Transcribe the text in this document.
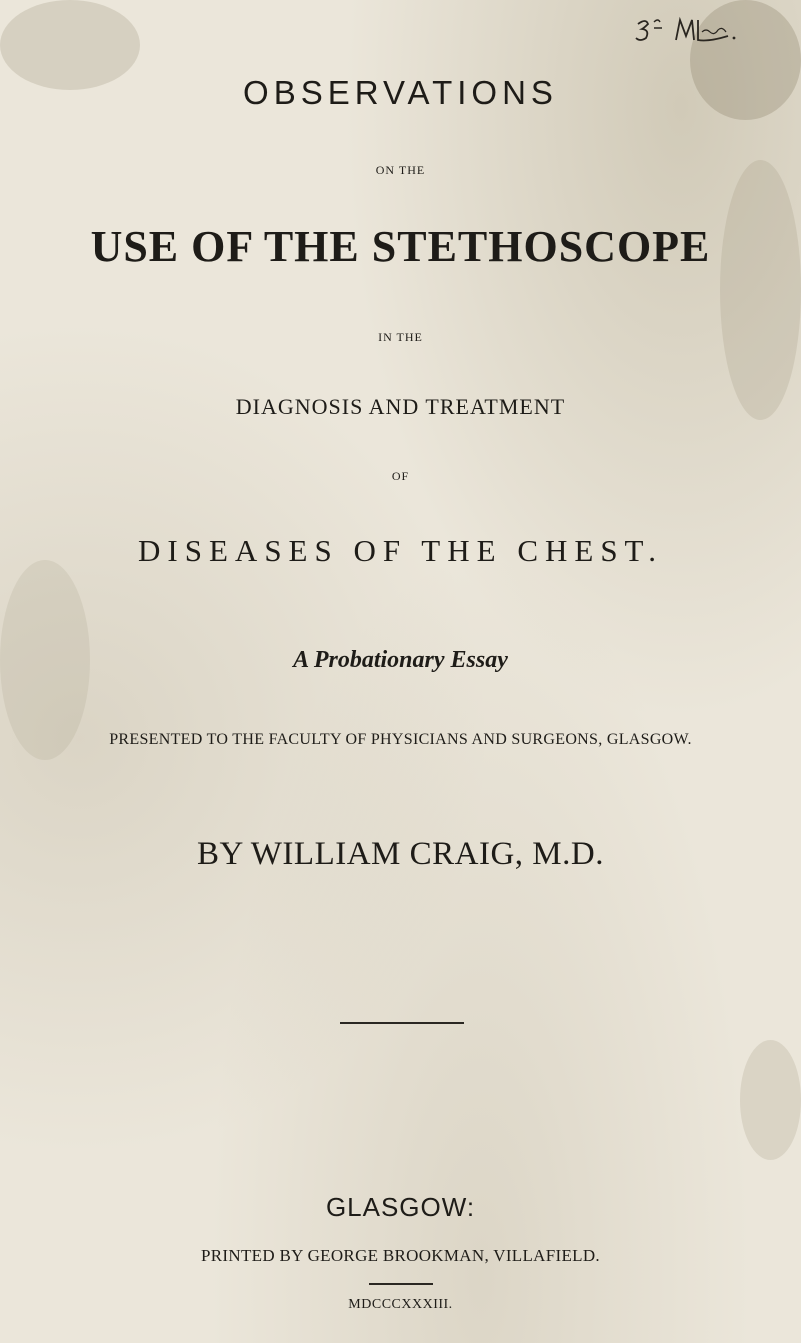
OBSERVATIONS
ON THE
USE OF THE STETHOSCOPE
IN THE
DIAGNOSIS AND TREATMENT
OF
DISEASES OF THE CHEST.
A Probationary Essay
PRESENTED TO THE FACULTY OF PHYSICIANS AND SURGEONS, GLASGOW.
BY WILLIAM CRAIG, M.D.
GLASGOW:
PRINTED BY GEORGE BROOKMAN, VILLAFIELD.
MDCCCXXXIII.
